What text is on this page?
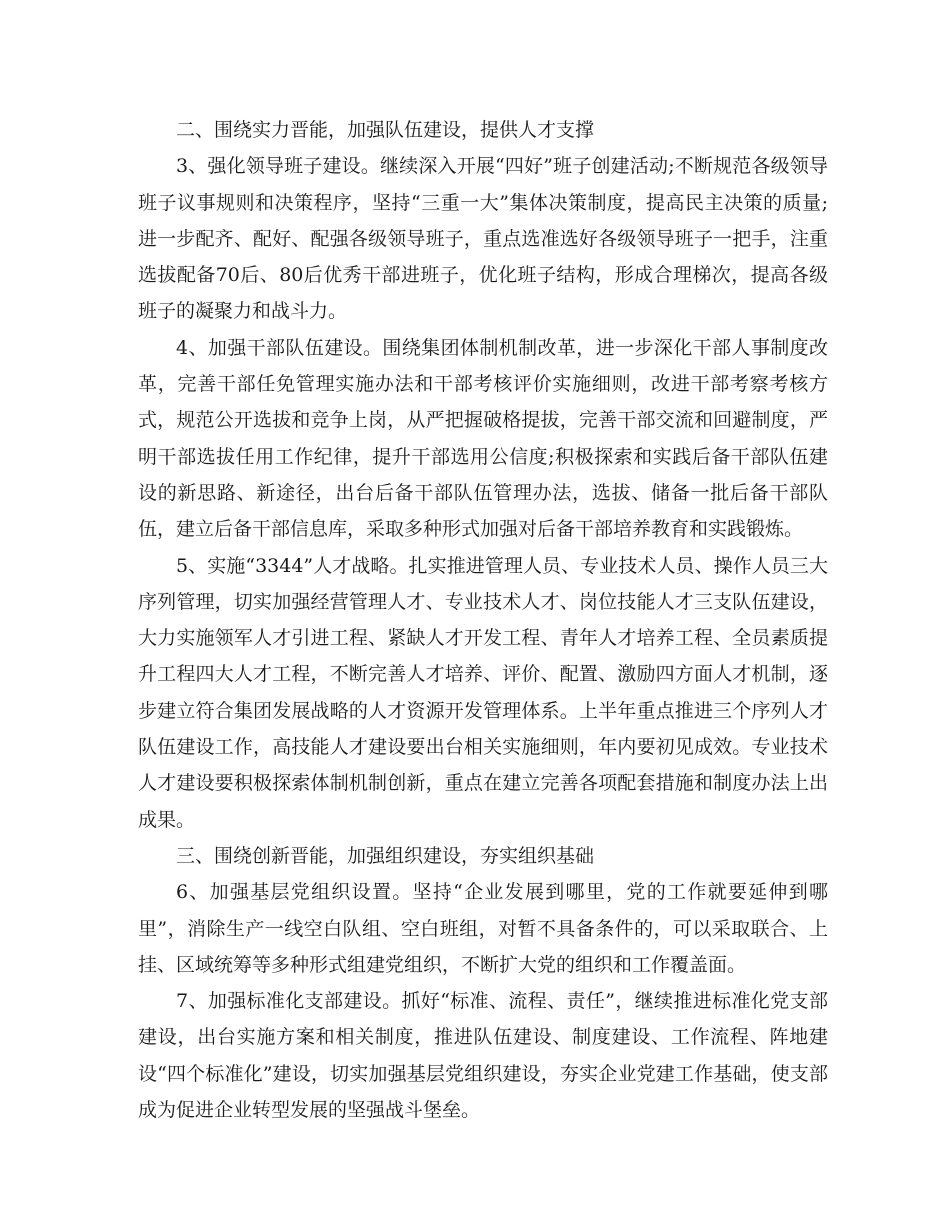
二、围绕实力晋能，加强队伍建设，提供人才支撑

3、强化领导班子建设。继续深入开展“四好”班子创建活动;不断规范各级领导班子议事规则和决策程序，坚持“三重一大”集体决策制度，提高民主决策的质量;进一步配齐、配好、配强各级领导班子，重点选准选好各级领导班子一把手，注重选拔配备70后、80后优秀干部进班子，优化班子结构，形成合理梯次，提高各级班子的凝聚力和战斗力。

4、加强干部队伍建设。围绕集团体制机制改革，进一步深化干部人事制度改革，完善干部任免管理实施办法和干部考核评价实施细则，改进干部考察考核方式，规范公开选拔和竞争上岗，从严把握破格提拔，完善干部交流和回避制度，严明干部选拔任用工作纪律，提升干部选用公信度;积极探索和实践后备干部队伍建设的新思路、新途径，出台后备干部队伍管理办法，选拔、储备一批后备干部队伍，建立后备干部信息库，采取多种形式加强对后备干部培养教育和实践锻炼。

5、实施“3344”人才战略。扎实推进管理人员、专业技术人员、操作人员三大序列管理，切实加强经营管理人才、专业技术人才、岗位技能人才三支队伍建设，大力实施领军人才引进工程、紧缺人才开发工程、青年人才培养工程、全员素质提升工程四大人才工程，不断完善人才培养、评价、配置、激励四方面人才机制，逐步建立符合集团发展战略的人才资源开发管理体系。上半年重点推进三个序列人才队伍建设工作，高技能人才建设要出台相关实施细则，年内要初见成效。专业技术人才建设要积极探索体制机制创新，重点在建立完善各项配套措施和制度办法上出成果。

三、围绕创新晋能，加强组织建设，夯实组织基础

6、加强基层党组织设置。坚持“企业发展到哪里，党的工作就要延伸到哪里”，消除生产一线空白队组、空白班组，对暂不具备条件的，可以采取联合、上挂、区域统筹等多种形式组建党组织，不断扩大党的组织和工作覆盖面。

7、加强标准化支部建设。抓好“标准、流程、责任”，继续推进标准化党支部建设，出台实施方案和相关制度，推进队伍建设、制度建设、工作流程、阵地建设“四个标准化”建设，切实加强基层党组织建设，夯实企业党建工作基础，使支部成为促进企业转型发展的坚强战斗堡垒。
